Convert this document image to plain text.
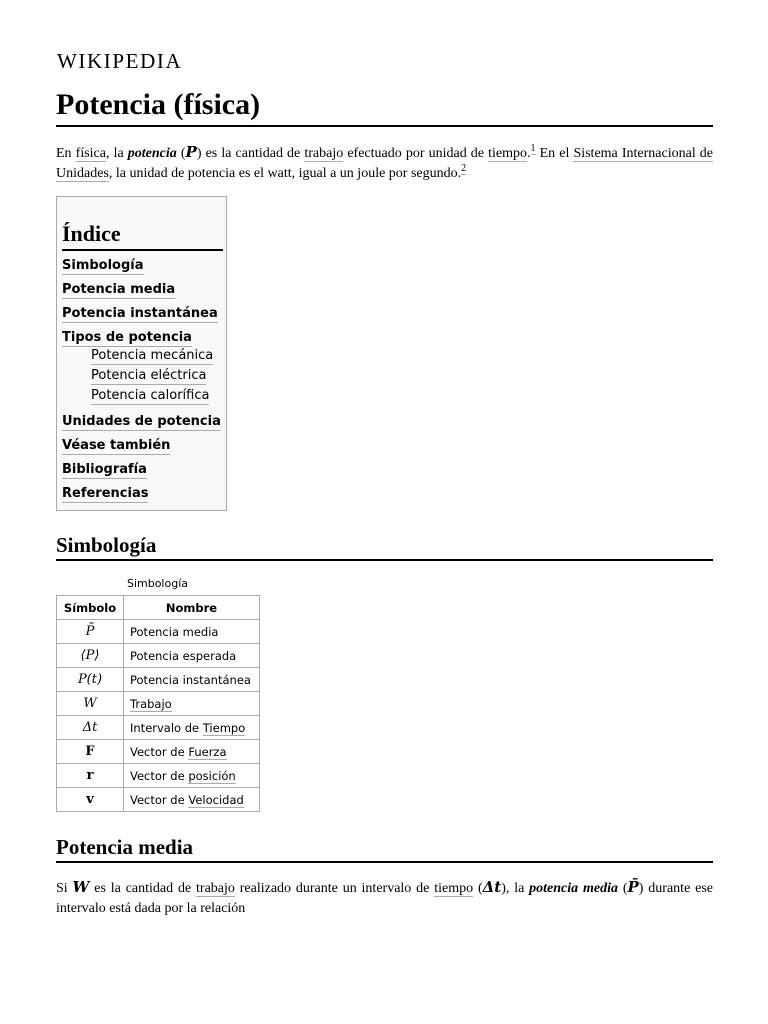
WIKIPEDIA
Potencia (física)

En física, la potencia (P) es la cantidad de trabajo efectuado por unidad de tiempo.$^1$ En el Sistema Internacional de Unidades, la unidad de potencia es el watt, igual a un joule por segundo.$^2$

Índice
Simbología
Potencia media
Potencia instantánea
Tipos de potencia
Potencia mecánica
Potencia eléctrica
Potencia calorífica
Unidades de potencia
Véase también
Bibliografía
Referencias
Simbología
Simbología
Símbolo	Nombre
P̄	Potencia media
⟨P⟩	Potencia esperada
P(t)	Potencia instantánea
W	Trabajo
Δt	Intervalo de Tiempo
F	Vector de Fuerza
r	Vector de posición
v	Vector de Velocidad
Potencia media

Si W es la cantidad de trabajo realizado durante un intervalo de tiempo (Δt), la potencia media (P̄) durante ese intervalo está dada por la relación
